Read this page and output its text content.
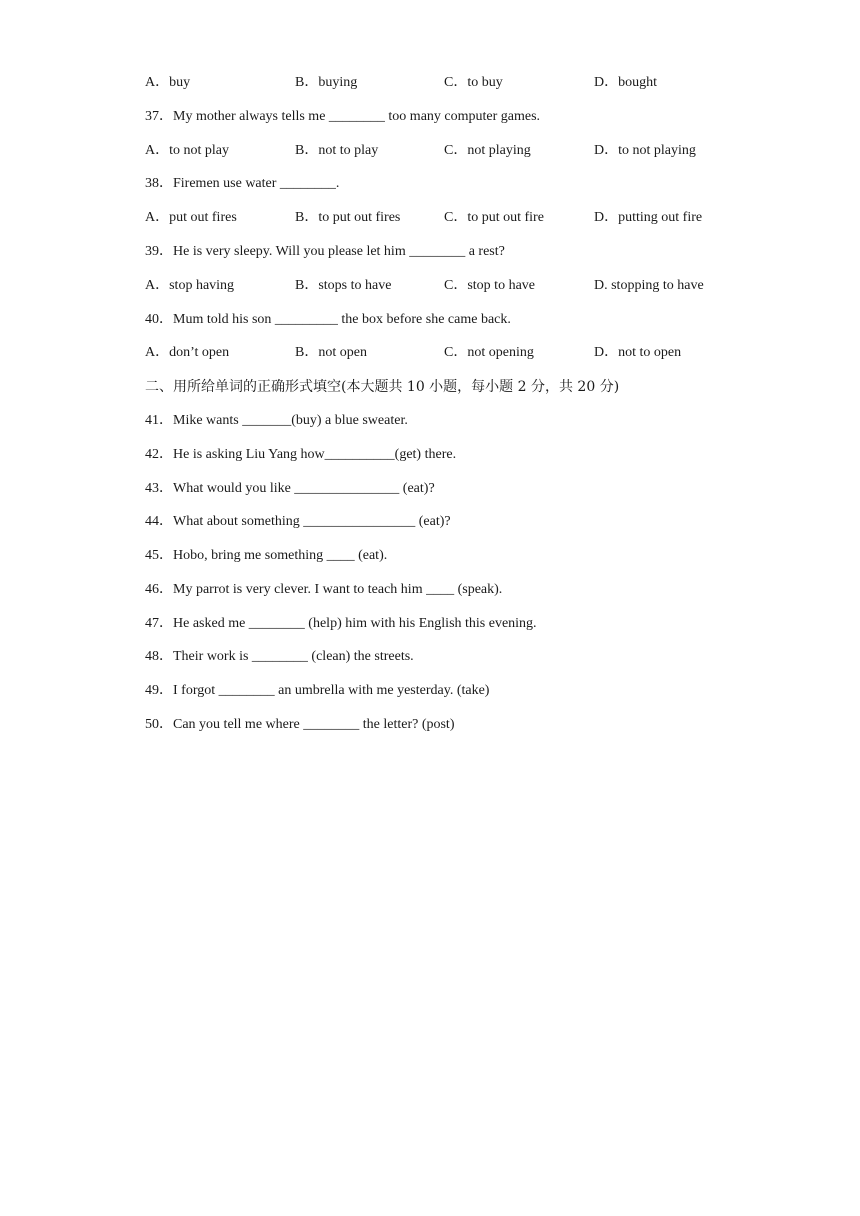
A．buy	B．buying	C．to buy	D．bought
37．My mother always tells me ________ too many computer games.
A．to not play	B．not to play	C．not playing	D．to not playing
38．Firemen use water ________.
A．put out fires	B．to put out fires	C．to put out fire	D．putting out fire
39．He is very sleepy. Will you please let him ________ a rest?
A．stop having	B．stops to have	C．stop to have	D. stopping to have
40．Mum told his son _________ the box before she came back.
A．don’t open	B．not open	C．not opening	D．not to open
二、用所给单词的正确形式填空(本大题共 10 小题，每小题 2 分，共 20 分)
41．Mike wants _______(buy) a blue sweater.
42．He is asking Liu Yang how__________(get) there.
43．What would you like _______________ (eat)?
44．What about something ________________ (eat)?
45．Hobo, bring me something ____ (eat).
46．My parrot is very clever. I want to teach him ____ (speak).
47．He asked me ________ (help) him with his English this evening.
48．Their work is ________ (clean) the streets.
49．I forgot ________ an umbrella with me yesterday. (take)
50．Can you tell me where ________ the letter? (post)
